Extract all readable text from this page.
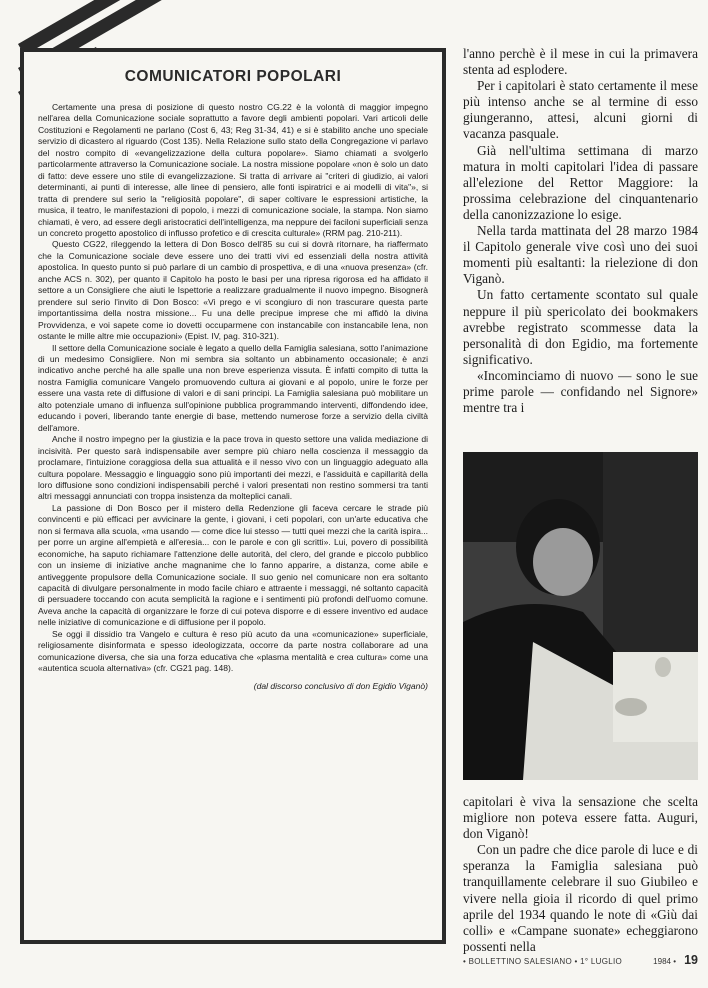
COMUNICATORI POPOLARI

Certamente una presa di posizione di questo nostro CG.22 è la volontà di maggior impegno nell'area della Comunicazione sociale soprattutto a favore degli ambienti popolari. Vari articoli delle Costituzioni e Regolamenti ne parlano (Cost 6, 43; Reg 31-34, 41) e si è stabilito anche uno speciale servizio di dicastero al riguardo (Cost 135). Nella Relazione sullo stato della Congregazione vi parlavo del nostro compito di «evangelizzazione della cultura popolare». Siamo chiamati a svolgerlo particolarmente attraverso la Comunicazione sociale. La nostra missione popolare «non è solo un dato di fatto: deve essere uno stile di evangelizzazione. Si tratta di arrivare ai "criteri di giudizio, ai valori determinanti, ai punti di interesse, alle linee di pensiero, alle fonti ispiratrici e ai modelli di vita"», si tratta di prendere sul serio la "religiosità popolare", di saper coltivare le espressioni artistiche, la musica, il teatro, le manifestazioni di popolo, i mezzi di comunicazione sociale, la stampa. Non siamo chiamati, è vero, ad essere degli aristocratici dell'intelligenza, ma neppure dei faciloni superficiali senza un concreto progetto apostolico di influsso profetico e di crescita culturale» (RRM pag. 210-211).

Questo CG22, rileggendo la lettera di Don Bosco dell'85 su cui si dovrà ritornare, ha riaffermato che la Comunicazione sociale deve essere uno dei tratti vivi ed essenziali della nostra attività apostolica. In questo punto si può parlare di un cambio di prospettiva, e di una «nuova presenza» (cfr. anche ACS n. 302), per quanto il Capitolo ha posto le basi per una ripresa rigorosa ed ha affidato il settore a un Consigliere che aiuti le Ispettorie a realizzare gradualmente il nuovo impegno. Bisognerà prendere sul serio l'invito di Don Bosco: «Vi prego e vi scongiuro di non trascurare questa parte importantissima della nostra missione... Fu una delle precipue imprese che mi affidò la divina Provvidenza, e voi sapete come io dovetti occuparmene con instancabile con instancabile lena, non ostante le mille altre mie occupazioni» (Epist. IV, pag. 310-321).

Il settore della Comunicazione sociale è legato a quello della Famiglia salesiana, sotto l'animazione di un medesimo Consigliere. Non mi sembra sia soltanto un abbinamento occasionale; è anzi indicativo anche perché ha alle spalle una non breve esperienza vissuta. È infatti compito di tutta la nostra Famiglia comunicare Vangelo promuovendo cultura ai giovani e al popolo, unire le forze per essere una vasta rete di diffusione di valori e di sani principi. La Famiglia salesiana può mobilitare un alto potenziale umano di influenza sull'opinione pubblica programmando interventi, diffondendo idee, educando i poveri, liberando tante energie di base, mettendo numerose forze a servizio della civiltà dell'amore.

Anche il nostro impegno per la giustizia e la pace trova in questo settore una valida mediazione di incisività. Per questo sarà indispensabile aver sempre più chiaro nella coscienza il messaggio da proclamare, l'intuizione coraggiosa della sua attualità e il nesso vivo con un linguaggio adeguato alla cultura popolare. Messaggio e linguaggio sono più importanti dei mezzi, e l'assiduità e capillarità della loro diffusione sono condizioni indispensabili perché i valori presentati non restino sommersi tra tanti altri messaggi annunciati con troppa insistenza da molteplici canali.

La passione di Don Bosco per il mistero della Redenzione gli faceva cercare le strade più convincenti e più efficaci per avvicinare la gente, i giovani, i ceti popolari, con un'arte educativa che non si fermava alla scuola, «ma usando — come dice lui stesso — tutti quei mezzi che la carità ispira... per porre un argine all'empietà e all'eresia... con le parole e con gli scritti». Lui, povero di possibilità economiche, ha saputo richiamare l'attenzione delle autorità, del clero, del grande e piccolo pubblico con un insieme di iniziative anche magnanime che lo fanno apparire, a distanza, come abile e antiveggente propulsore della Comunicazione sociale. Il suo genio nel comunicare non era soltanto capacità di divulgare personalmente in modo facile chiaro e attraente i messaggi, né soltanto capacità di persuadere toccando con acuta semplicità la ragione e i sentimenti più profondi dell'uomo comune. Aveva anche la capacità di organizzare le forze di cui poteva disporre e di essere inventivo ed audace nelle iniziative di comunicazione e di diffusione per il popolo.

Se oggi il dissidio tra Vangelo e cultura è reso più acuto da una «comunicazione» superficiale, religiosamente disinformata e spesso ideologizzata, occorre da parte nostra collaborare ad una comunicazione diversa, che sia una forza educativa che «plasma mentalità e crea cultura» come una «autentica scuola alternativa» (cfr. CG21 pag. 148).

(dal discorso conclusivo di don Egidio Viganò)

l'anno perchè è il mese in cui la primavera stenta ad esplodere.

Per i capitolari è stato certamente il mese più intenso anche se al termine di esso giungeranno, attesi, alcuni giorni di vacanza pasquale.

Già nell'ultima settimana di marzo matura in molti capitolari l'idea di passare all'elezione del Rettor Maggiore: la prossima celebrazione del cinquantenario della canonizzazione lo esige.

Nella tarda mattinata del 28 marzo 1984 il Capitolo generale vive così uno dei suoi momenti più esaltanti: la rielezione di don Viganò.

Un fatto certamente scontato sul quale neppure il più spericolato dei bookmakers avrebbe registrato scommesse data la personalità di don Egidio, ma fortemente significativo.

«Incominciamo di nuovo — sono le sue prime parole — confidando nel Signore» mentre tra i

capitolari è viva la sensazione che scelta migliore non poteva essere fatta. Auguri, don Viganò!

Con un padre che dice parole di luce e di speranza la Famiglia salesiana può tranquillamente celebrare il suo Giubileo e vivere nella gioia il ricordo di quel primo aprile del 1934 quando le note di «Giù dai colli» e «Campane suonate» echeggiarono possenti nella

• BOLLETTINO SALESIANO • 1° LUGLIO	1984 • 19
